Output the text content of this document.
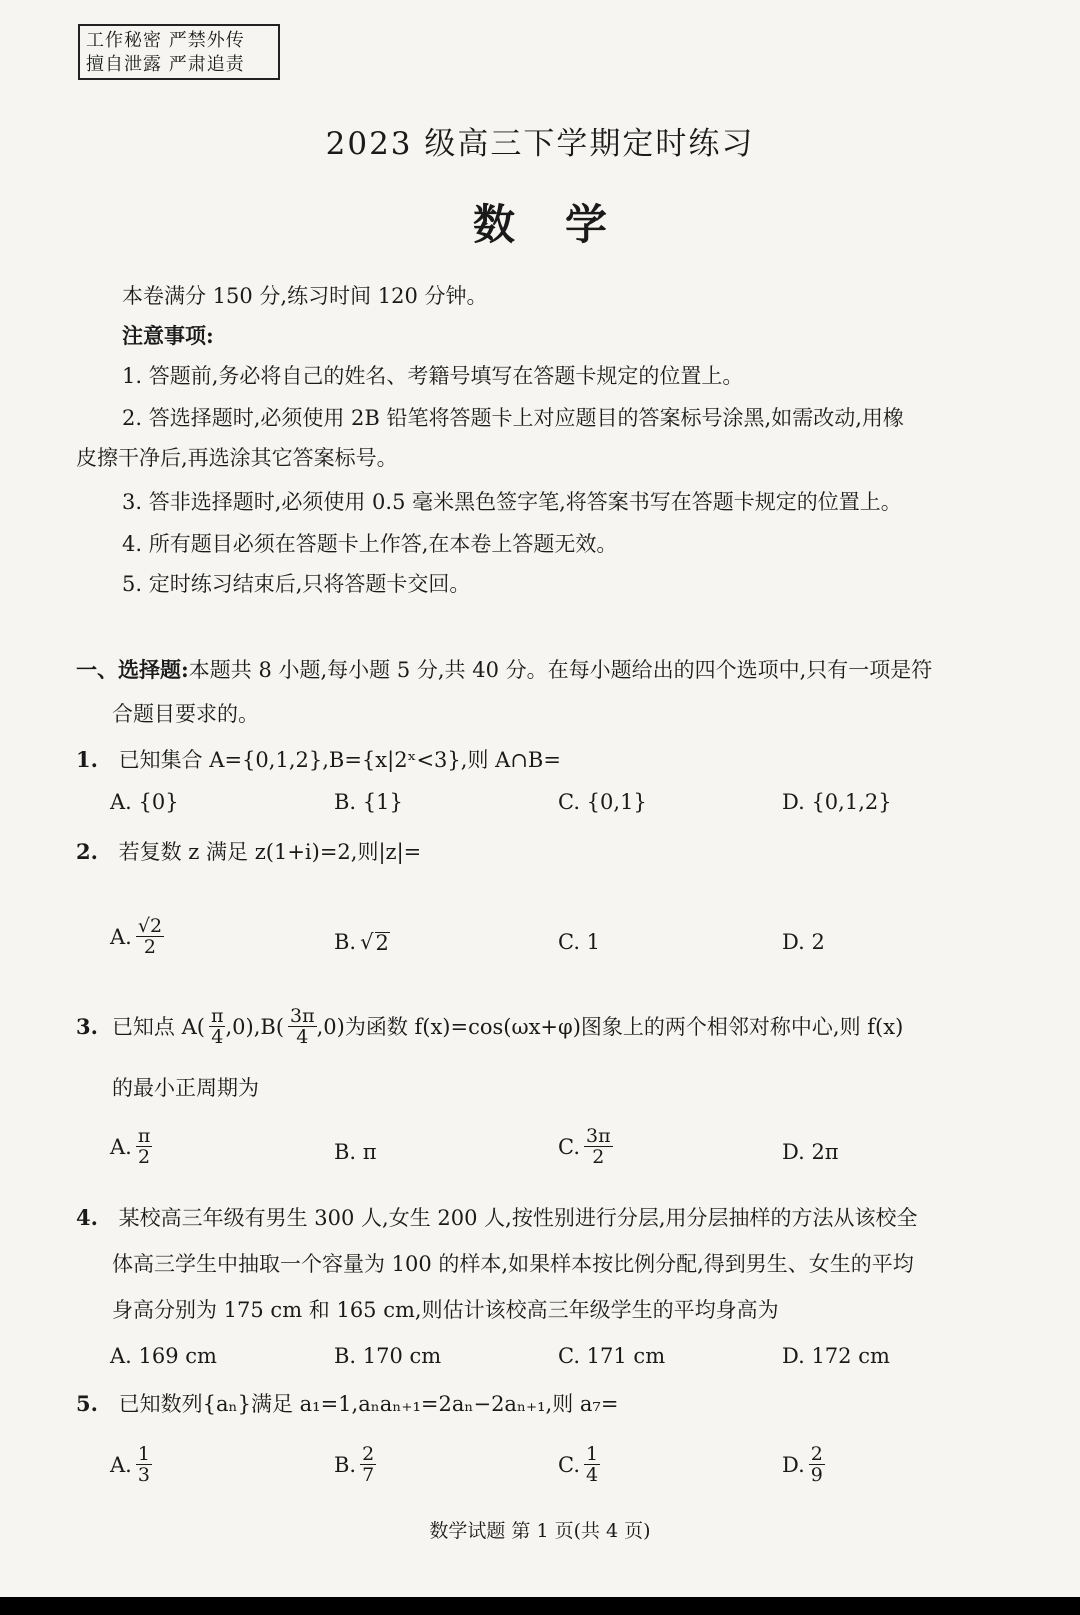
工作秘密 严禁外传
擅自泄露 严肃追责
2023 级高三下学期定时练习
数学
本卷满分 150 分,练习时间 120 分钟。
注意事项:
1. 答题前,务必将自己的姓名、考籍号填写在答题卡规定的位置上。
2. 答选择题时,必须使用 2B 铅笔将答题卡上对应题目的答案标号涂黑,如需改动,用橡
皮擦干净后,再选涂其它答案标号。
3. 答非选择题时,必须使用 0.5 毫米黑色签字笔,将答案书写在答题卡规定的位置上。
4. 所有题目必须在答题卡上作答,在本卷上答题无效。
5. 定时练习结束后,只将答题卡交回。
一、选择题:本题共 8 小题,每小题 5 分,共 40 分。在每小题给出的四个选项中,只有一项是符
合题目要求的。
1. 已知集合 A={0,1,2},B={x|2ˣ<3},则 A∩B=
A. {0}	B. {1}	C. {0,1}	D. {0,1,2}
2. 若复数 z 满足 z(1+i)=2,则|z|=
A. $\frac{√2}{2}$	B. √ 2	C. 1	D. 2
3. 已知点 $A( \frac{\pi}{4} ,0),B( \frac{3\pi}{4} ,0)$为函数 f(x)=cos(ωx+φ)图象上的两个相邻对称中心,则 f(x)
的最小正周期为
A. $\frac{\pi}{2}$	B. π	C. $\frac{3\pi}{2}$	D. 2π
4. 某校高三年级有男生 300 人,女生 200 人,按性别进行分层,用分层抽样的方法从该校全
体高三学生中抽取一个容量为 100 的样本,如果样本按比例分配,得到男生、女生的平均
身高分别为 175 cm 和 165 cm,则估计该校高三年级学生的平均身高为
A. 169 cm	B. 170 cm	C. 171 cm	D. 172 cm
5. 已知数列{aₙ}满足 a₁=1,aₙaₙ₊₁=2aₙ−2aₙ₊₁,则 a₇=
A. $\frac{1}{3}$	B. $\frac{2}{7}$	C. $\frac{1}{4}$	D. $\frac{2}{9}$
数学试题 第 1 页(共 4 页)
